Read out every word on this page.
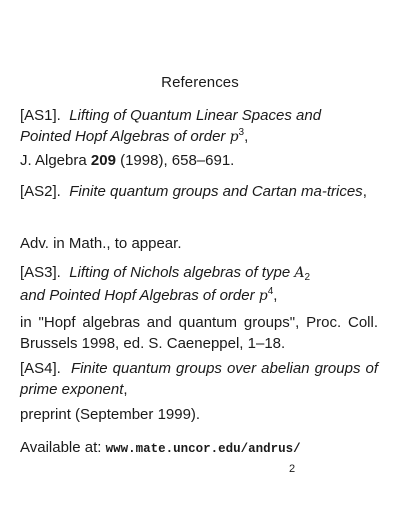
References
[AS1]. Lifting of Quantum Linear Spaces and
Pointed Hopf Algebras of order $p^3$,
J. Algebra 209 (1998), 658–691.
[AS2]. Finite quantum groups and Cartan ma-trices,
Adv. in Math., to appear.
[AS3]. Lifting of Nichols algebras of type $A_2$
and Pointed Hopf Algebras of order $p^4$,
in "Hopf algebras and quantum groups", Proc. Coll. Brussels 1998, ed. S. Caeneppel, 1–18.
[AS4]. Finite quantum groups over abelian groups of prime exponent,
preprint (September 1999).
Available at: www.mate.uncor.edu/andrus/
2
